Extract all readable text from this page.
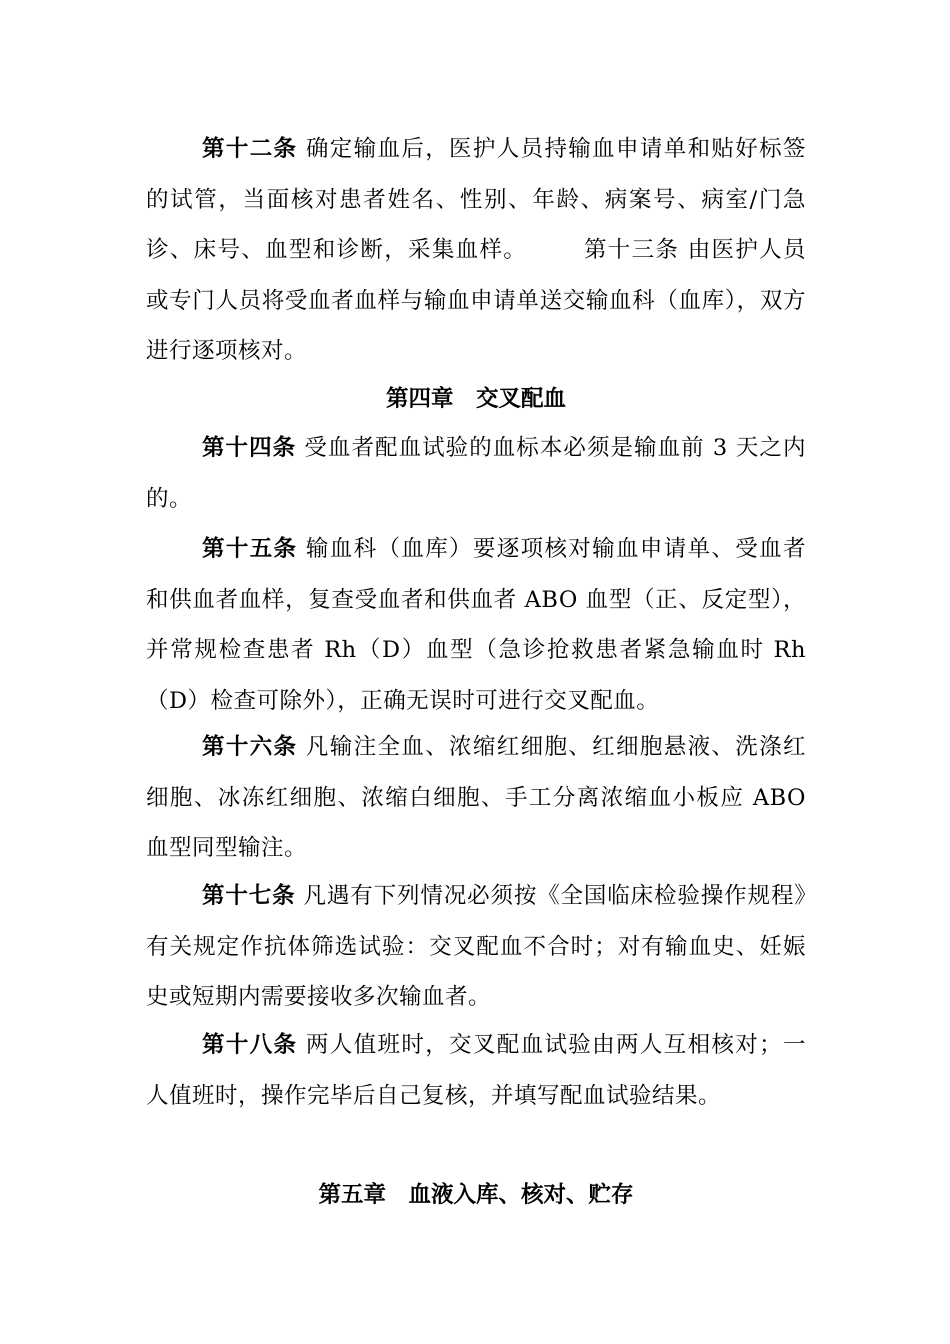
第十二条 确定输血后，医护人员持输血申请单和贴好标签的试管，当面核对患者姓名、性别、年龄、病案号、病室/门急诊、床号、血型和诊断，采集血样。 第十三条 由医护人员或专门人员将受血者血样与输血申请单送交输血科（血库），双方进行逐项核对。

第四章　交叉配血

第十四条 受血者配血试验的血标本必须是输血前 3 天之内的。

第十五条 输血科（血库）要逐项核对输血申请单、受血者和供血者血样，复查受血者和供血者 ABO 血型（正、反定型），并常规检查患者 Rh（D）血型（急诊抢救患者紧急输血时 Rh（D）检查可除外），正确无误时可进行交叉配血。

第十六条 凡输注全血、浓缩红细胞、红细胞悬液、洗涤红细胞、冰冻红细胞、浓缩白细胞、手工分离浓缩血小板应 ABO 血型同型输注。

第十七条 凡遇有下列情况必须按《全国临床检验操作规程》有关规定作抗体筛选试验：交叉配血不合时；对有输血史、妊娠史或短期内需要接收多次输血者。

第十八条 两人值班时，交叉配血试验由两人互相核对；一人值班时，操作完毕后自己复核，并填写配血试验结果。

第五章　血液入库、核对、贮存
